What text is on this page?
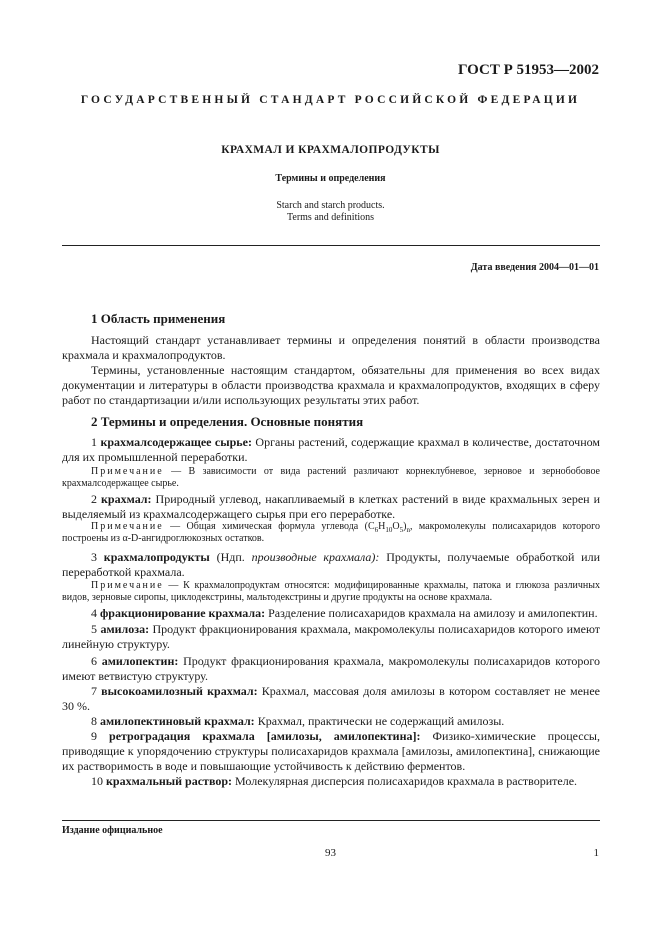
ГОСТ Р 51953—2002
ГОСУДАРСТВЕННЫЙ СТАНДАРТ РОССИЙСКОЙ ФЕДЕРАЦИИ
КРАХМАЛ И КРАХМАЛОПРОДУКТЫ
Термины и определения
Starch and starch products.
Terms and definitions
Дата введения 2004—01—01
1 Область применения
Настоящий стандарт устанавливает термины и определения понятий в области производства крахмала и крахмалопродуктов.
Термины, установленные настоящим стандартом, обязательны для применения во всех видах документации и литературы в области производства крахмала и крахмалопродуктов, входящих в сферу работ по стандартизации и/или использующих результаты этих работ.
2 Термины и определения. Основные понятия
1 крахмалсодержащее сырье: Органы растений, содержащие крахмал в количестве, достаточном для их промышленной переработки.
Примечание — В зависимости от вида растений различают корнеклубневое, зерновое и зернобобовое крахмалсодержащее сырье.
2 крахмал: Природный углевод, накапливаемый в клетках растений в виде крахмальных зерен и выделяемый из крахмалсодержащего сырья при его переработке.
Примечание — Общая химическая формула углевода $(С_6Н_{10}О_5)_n$, макромолекулы полисахаридов которого построены из α-D-ангидроглюкозных остатков.
3 крахмалопродукты (Ндп. производные крахмала): Продукты, получаемые обработкой или переработкой крахмала.
Примечание — К крахмалопродуктам относятся: модифицированные крахмалы, патока и глюкоза различных видов, зерновые сиропы, циклодекстрины, мальтодекстрины и другие продукты на основе крахмала.
4 фракционирование крахмала: Разделение полисахаридов крахмала на амилозу и амилопектин.
5 амилоза: Продукт фракционирования крахмала, макромолекулы полисахаридов которого имеют линейную структуру.
6 амилопектин: Продукт фракционирования крахмала, макромолекулы полисахаридов которого имеют ветвистую структуру.
7 высокоамилозный крахмал: Крахмал, массовая доля амилозы в котором составляет не менее 30 %.
8 амилопектиновый крахмал: Крахмал, практически не содержащий амилозы.
9 ретроградация крахмала [амилозы, амилопектина]: Физико-химические процессы, приводящие к упорядочению структуры полисахаридов крахмала [амилозы, амилопектина], снижающие их растворимость в воде и повышающие устойчивость к действию ферментов.
10 крахмальный раствор: Молекулярная дисперсия полисахаридов крахмала в растворителе.
Издание официальное
93	1
